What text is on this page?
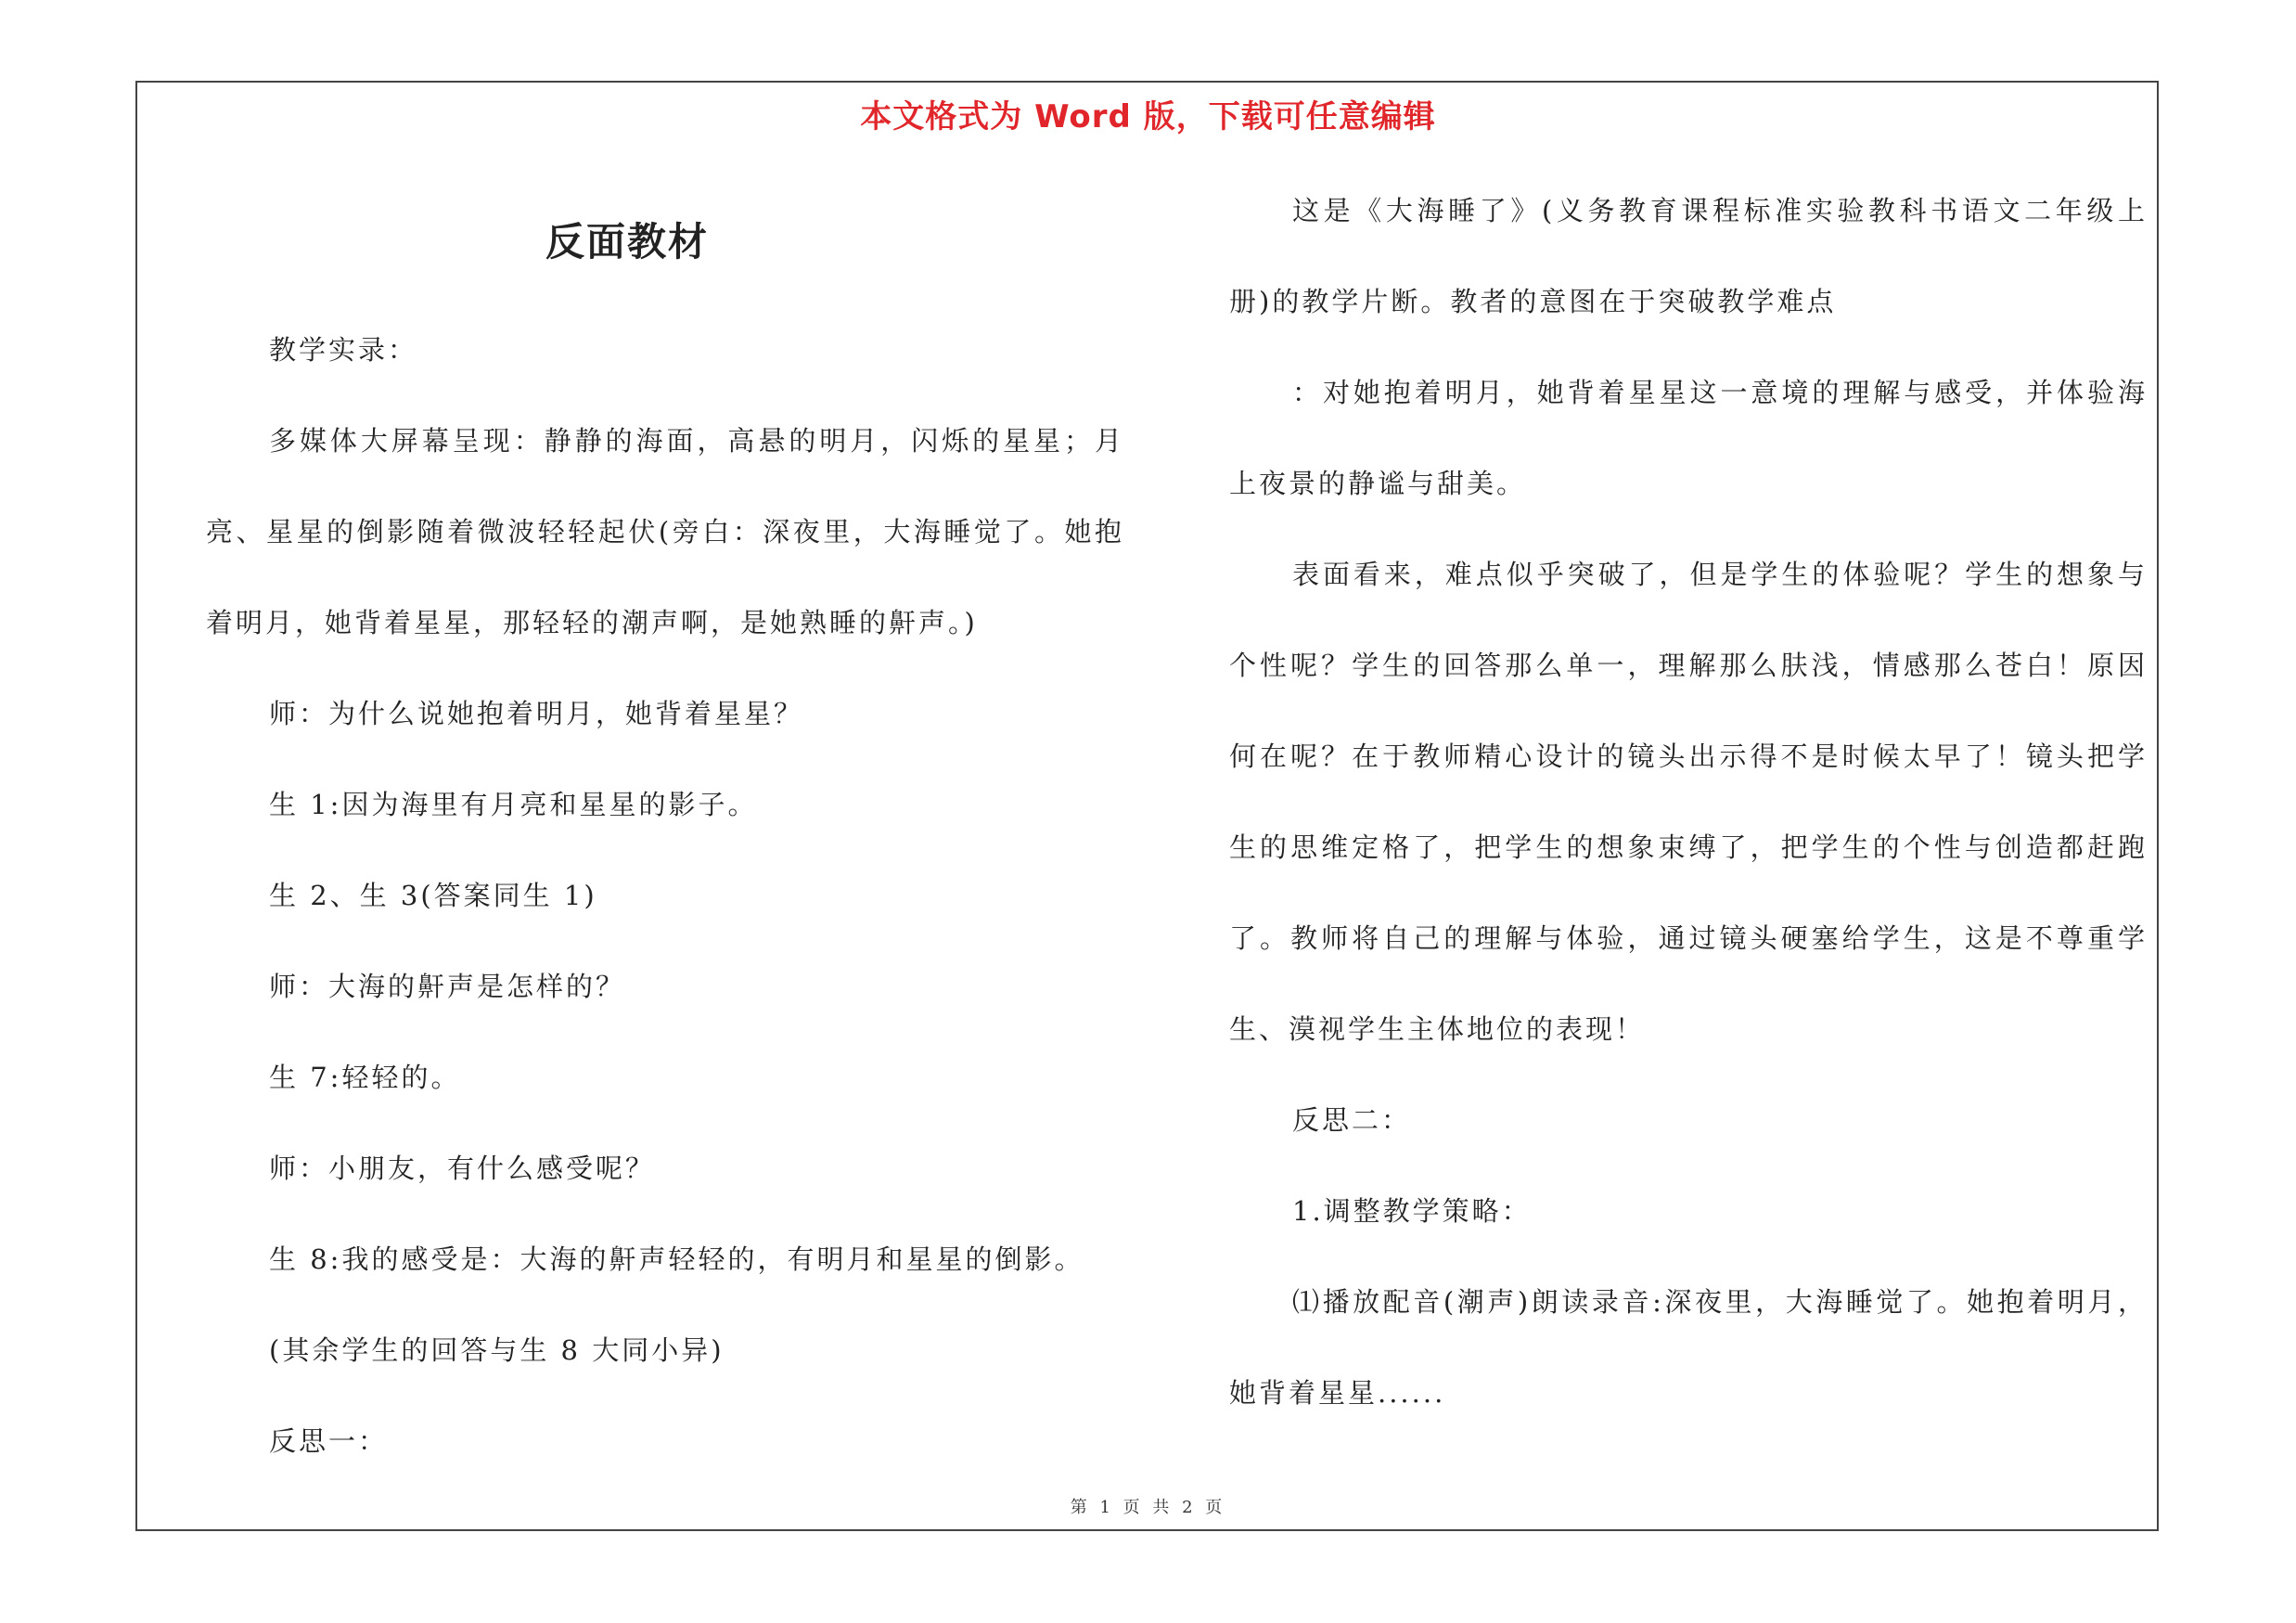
本文格式为 Word 版，下载可任意编辑
反面教材

教学实录：

多媒体大屏幕呈现：静静的海面，高悬的明月，闪烁的星星；月亮、星星的倒影随着微波轻轻起伏(旁白：深夜里，大海睡觉了。她抱着明月，她背着星星，那轻轻的潮声啊，是她熟睡的鼾声。)

师：为什么说她抱着明月，她背着星星？

生 1:因为海里有月亮和星星的影子。

生 2、生 3(答案同生 1)

师：大海的鼾声是怎样的？

生 7:轻轻的。

师：小朋友，有什么感受呢？

生 8:我的感受是：大海的鼾声轻轻的，有明月和星星的倒影。

(其余学生的回答与生 8 大同小异)

反思一：

这是《大海睡了》(义务教育课程标准实验教科书语文二年级上册)的教学片断。教者的意图在于突破教学难点

：对她抱着明月，她背着星星这一意境的理解与感受，并体验海上夜景的静谧与甜美。

表面看来，难点似乎突破了，但是学生的体验呢？学生的想象与个性呢？学生的回答那么单一，理解那么肤浅，情感那么苍白！原因何在呢？在于教师精心设计的镜头出示得不是时候太早了！镜头把学生的思维定格了，把学生的想象束缚了，把学生的个性与创造都赶跑了。教师将自己的理解与体验，通过镜头硬塞给学生，这是不尊重学生、漠视学生主体地位的表现！

反思二：

1.调整教学策略：

⑴播放配音(潮声)朗读录音:深夜里，大海睡觉了。她抱着明月，她背着星星......

第 1 页 共 2 页
